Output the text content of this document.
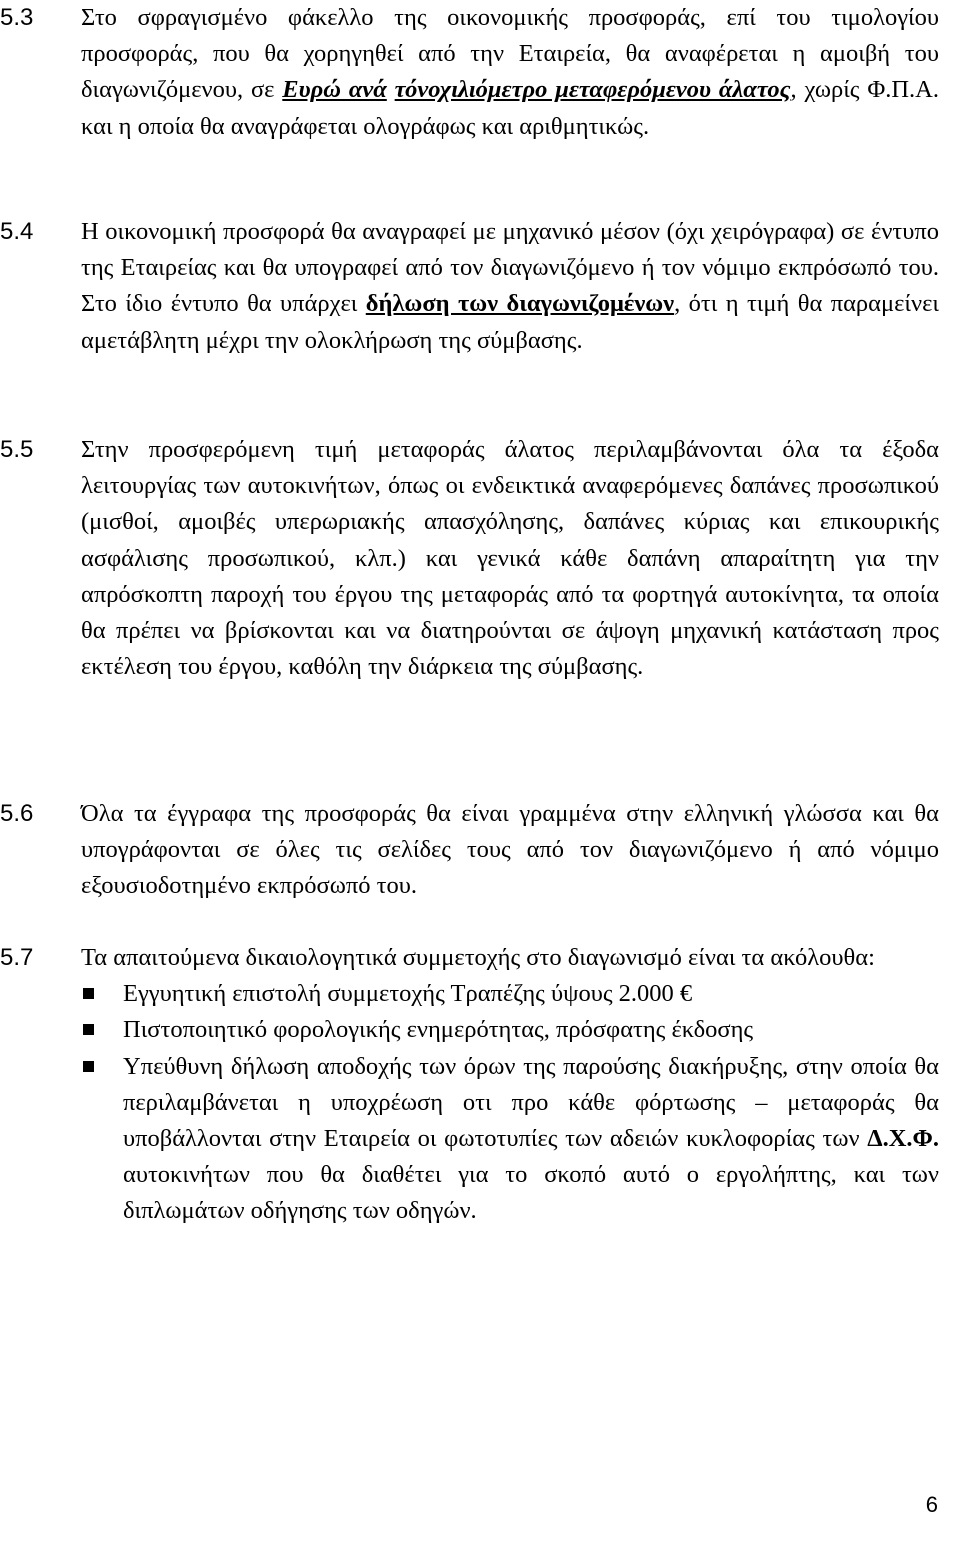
5.3 Στο σφραγισμένο φάκελλο της οικονομικής προσφοράς, επί του τιμολογίου προσφοράς, που θα χορηγηθεί από την Εταιρεία, θα αναφέρεται η αμοιβή του διαγωνιζόμενου, σε Ευρώ ανά τόνοχιλιόμετρο μεταφερόμενου άλατος, χωρίς Φ.Π.Α. και η οποία θα αναγράφεται ολογράφως και αριθμητικώς.
5.4 Η οικονομική προσφορά θα αναγραφεί με μηχανικό μέσον (όχι χειρόγραφα) σε έντυπο της Εταιρείας και θα υπογραφεί από τον διαγωνιζόμενο ή τον νόμιμο εκπρόσωπό του. Στο ίδιο έντυπο θα υπάρχει δήλωση των διαγωνιζομένων, ότι η τιμή θα παραμείνει αμετάβλητη μέχρι την ολοκλήρωση της σύμβασης.
5.5 Στην προσφερόμενη τιμή μεταφοράς άλατος περιλαμβάνονται όλα τα έξοδα λειτουργίας των αυτοκινήτων, όπως οι ενδεικτικά αναφερόμενες δαπάνες προσωπικού (μισθοί, αμοιβές υπερωριακής απασχόλησης, δαπάνες κύριας και επικουρικής ασφάλισης προσωπικού, κλπ.) και γενικά κάθε δαπάνη απαραίτητη για την απρόσκοπτη παροχή του έργου της μεταφοράς από τα φορτηγά αυτοκίνητα, τα οποία θα πρέπει να βρίσκονται και να διατηρούνται σε άψογη μηχανική κατάσταση προς εκτέλεση του έργου, καθόλη την διάρκεια της σύμβασης.
5.6 Όλα τα έγγραφα της προσφοράς θα είναι γραμμένα στην ελληνική γλώσσα και θα υπογράφονται σε όλες τις σελίδες τους από τον διαγωνιζόμενο ή από νόμιμο εξουσιοδοτημένο εκπρόσωπό του.
5.7 Τα απαιτούμενα δικαιολογητικά συμμετοχής στο διαγωνισμό είναι τα ακόλουθα:
Εγγυητική επιστολή συμμετοχής Τραπέζης ύψους 2.000 €
Πιστοποιητικό φορολογικής ενημερότητας, πρόσφατης έκδοσης
Υπεύθυνη δήλωση αποδοχής των όρων της παρούσης διακήρυξης, στην οποία θα περιλαμβάνεται η υποχρέωση οτι προ κάθε φόρτωσης – μεταφοράς θα υποβάλλονται στην Εταιρεία οι φωτοτυπίες των αδειών κυκλοφορίας των Δ.Χ.Φ. αυτοκινήτων που θα διαθέτει για το σκοπό αυτό ο εργολήπτης, και των διπλωμάτων οδήγησης των οδηγών.
6
